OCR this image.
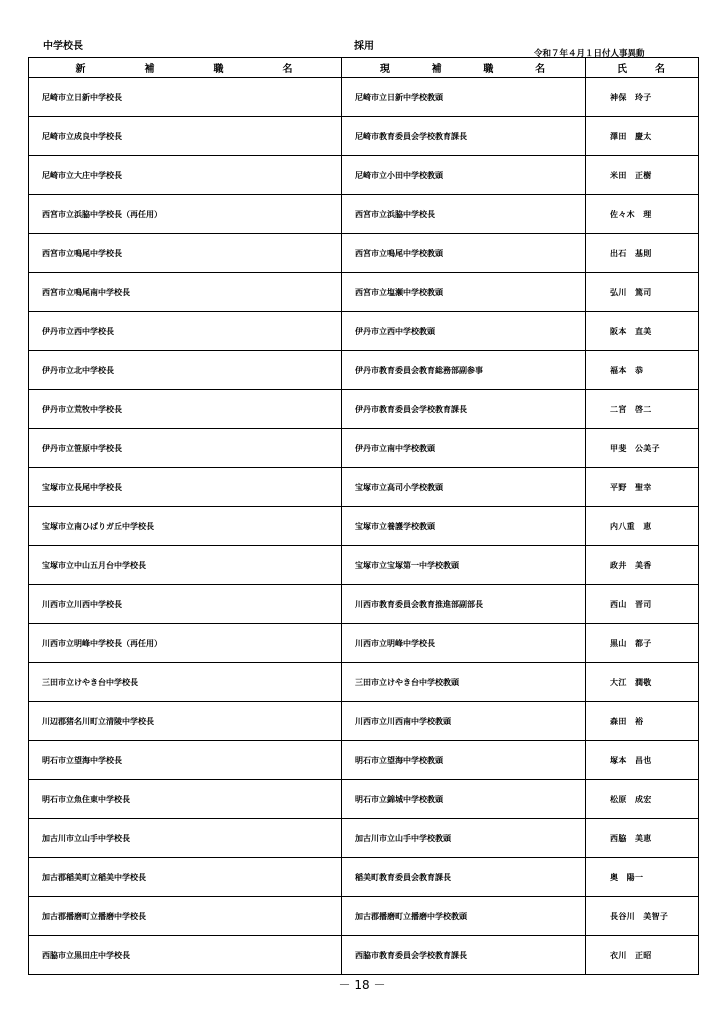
中学校長	採用
令和７年４月１日付人事異動
新 補 職 名	現 補 職 名	氏 名

尼崎市立日新中学校長	尼崎市立日新中学校教頭	神保　玲子
尼崎市立成良中学校長	尼崎市教育委員会学校教育課長	澤田　慶太
尼崎市立大庄中学校長	尼崎市立小田中学校教頭	米田　正樹
西宮市立浜脇中学校長（再任用）	西宮市立浜脇中学校長	佐々木　理
西宮市立鳴尾中学校長	西宮市立鳴尾中学校教頭	出石　基則
西宮市立鳴尾南中学校長	西宮市立塩瀬中学校教頭	弘川　篤司
伊丹市立西中学校長	伊丹市立西中学校教頭	阪本　直美
伊丹市立北中学校長	伊丹市教育委員会教育総務部副参事	福本　恭
伊丹市立荒牧中学校長	伊丹市教育委員会学校教育課長	二宮　啓二
伊丹市立笹原中学校長	伊丹市立南中学校教頭	甲斐　公美子
宝塚市立長尾中学校長	宝塚市立高司小学校教頭	平野　聖幸
宝塚市立南ひばりガ丘中学校長	宝塚市立養護学校教頭	内八重　恵
宝塚市立中山五月台中学校長	宝塚市立宝塚第一中学校教頭	政井　美香
川西市立川西中学校長	川西市教育委員会教育推進部副部長	西山　晋司
川西市立明峰中学校長（再任用）	川西市立明峰中学校長	黒山　都子
三田市立けやき台中学校長	三田市立けやき台中学校教頭	大江　潤敬
川辺郡猪名川町立清陵中学校長	川西市立川西南中学校教頭	森田　裕
明石市立望海中学校長	明石市立望海中学校教頭	塚本　昌也
明石市立魚住東中学校長	明石市立錦城中学校教頭	松原　成宏
加古川市立山手中学校長	加古川市立山手中学校教頭	西脇　美恵
加古郡稲美町立稲美中学校長	稲美町教育委員会教育課長	奥　陽一
加古郡播磨町立播磨中学校長	加古郡播磨町立播磨中学校教頭	長谷川　美智子
西脇市立黒田庄中学校長	西脇市教育委員会学校教育課長	衣川　正昭
－ 18 －
